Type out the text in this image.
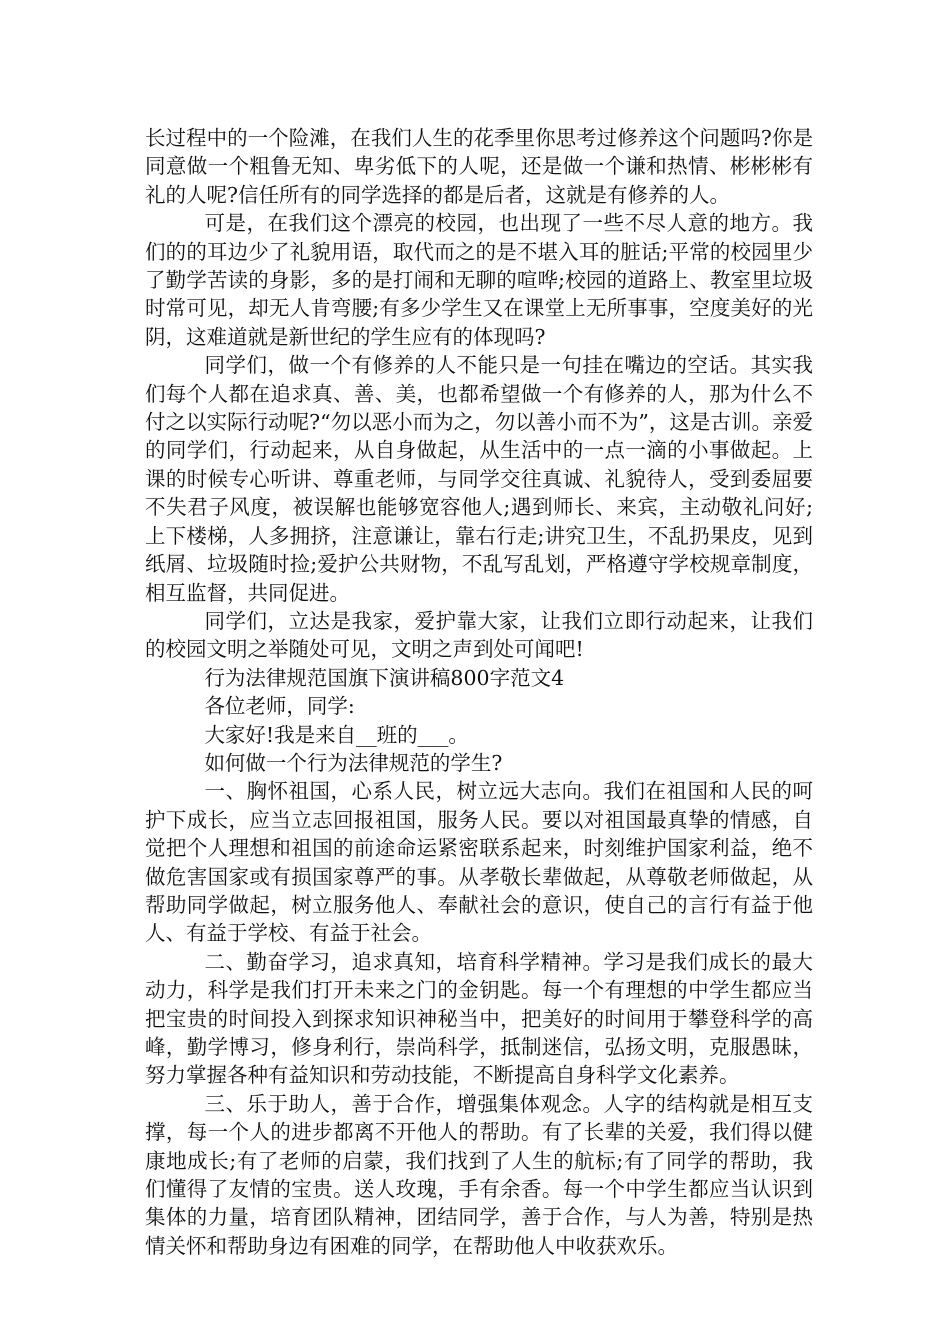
长过程中的一个险滩，在我们人生的花季里你思考过修养这个问题吗?你是同意做一个粗鲁无知、卑劣低下的人呢，还是做一个谦和热情、彬彬彬有礼的人呢?信任所有的同学选择的都是后者，这就是有修养的人。

可是，在我们这个漂亮的校园，也出现了一些不尽人意的地方。我们的的耳边少了礼貌用语，取代而之的是不堪入耳的脏话;平常的校园里少了勤学苦读的身影，多的是打闹和无聊的喧哗;校园的道路上、教室里垃圾时常可见，却无人肯弯腰;有多少学生又在课堂上无所事事，空度美好的光阴，这难道就是新世纪的学生应有的体现吗?

同学们，做一个有修养的人不能只是一句挂在嘴边的空话。其实我们每个人都在追求真、善、美，也都希望做一个有修养的人，那为什么不付之以实际行动呢?“勿以恶小而为之，勿以善小而不为”，这是古训。亲爱的同学们，行动起来，从自身做起，从生活中的一点一滴的小事做起。上课的时候专心听讲、尊重老师，与同学交往真诚、礼貌待人，受到委屈要不失君子风度，被误解也能够宽容他人;遇到师长、来宾，主动敬礼问好;上下楼梯，人多拥挤，注意谦让，靠右行走;讲究卫生，不乱扔果皮，见到纸屑、垃圾随时捡;爱护公共财物，不乱写乱划，严格遵守学校规章制度，相互监督，共同促进。

同学们，立达是我家，爱护靠大家，让我们立即行动起来，让我们的校园文明之举随处可见，文明之声到处可闻吧!

行为法律规范国旗下演讲稿800字范文4

各位老师，同学:

大家好!我是来自__班的___。

如何做一个行为法律规范的学生?

一、胸怀祖国，心系人民，树立远大志向。我们在祖国和人民的呵护下成长，应当立志回报祖国，服务人民。要以对祖国最真挚的情感，自觉把个人理想和祖国的前途命运紧密联系起来，时刻维护国家利益，绝不做危害国家或有损国家尊严的事。从孝敬长辈做起，从尊敬老师做起，从帮助同学做起，树立服务他人、奉献社会的意识，使自己的言行有益于他人、有益于学校、有益于社会。

二、勤奋学习，追求真知，培育科学精神。学习是我们成长的最大动力，科学是我们打开未来之门的金钥匙。每一个有理想的中学生都应当把宝贵的时间投入到探求知识神秘当中，把美好的时间用于攀登科学的高峰，勤学博习，修身利行，崇尚科学，抵制迷信，弘扬文明，克服愚昧，努力掌握各种有益知识和劳动技能，不断提高自身科学文化素养。

三、乐于助人，善于合作，增强集体观念。人字的结构就是相互支撑，每一个人的进步都离不开他人的帮助。有了长辈的关爱，我们得以健康地成长;有了老师的启蒙，我们找到了人生的航标;有了同学的帮助，我们懂得了友情的宝贵。送人玫瑰，手有余香。每一个中学生都应当认识到集体的力量，培育团队精神，团结同学，善于合作，与人为善，特别是热情关怀和帮助身边有困难的同学，在帮助他人中收获欢乐。
